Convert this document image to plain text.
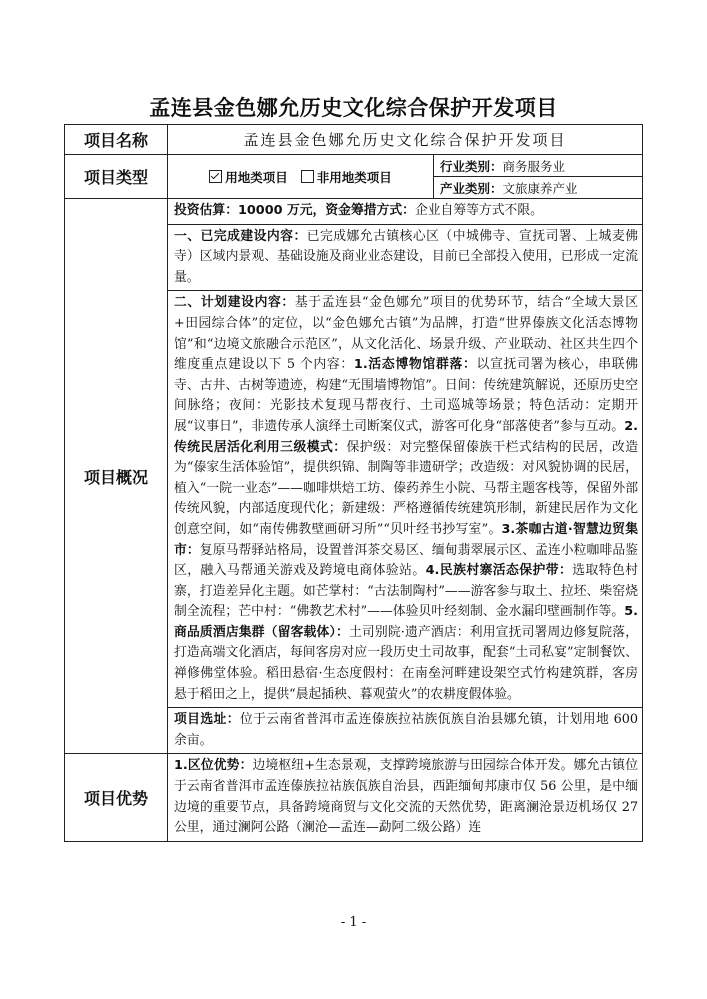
孟连县金色娜允历史文化综合保护开发项目
项目名称	孟连县金色娜允历史文化综合保护开发项目	
项目类型	用地类项目 非用地类项目	行业类别：商务服务业
		产业类别：文旅康养产业
项目概况	投资估算：10000 万元，资金筹措方式：企业自筹等方式不限。	
	一、已完成建设内容：已完成娜允古镇核心区（中城佛寺、宣抚司署、上城麦佛寺）区域内景观、基础设施及商业业态建设，目前已全部投入使用，已形成一定流量。	
	二、计划建设内容：基于孟连县“金色娜允”项目的优势环节，结合“全域大景区+田园综合体”的定位，以“金色娜允古镇”为品牌，打造“世界傣族文化活态博物馆”和“边境文旅融合示范区”，从文化活化、场景升级、产业联动、社区共生四个维度重点建设以下 5 个内容：1.活态博物馆群落：以宣抚司署为核心，串联佛寺、古井、古树等遗迹，构建“无围墙博物馆”。日间：传统建筑解说，还原历史空间脉络；夜间：光影技术复现马帮夜行、土司巡城等场景；特色活动：定期开展“议事日”，非遗传承人演绎土司断案仪式，游客可化身“部落使者”参与互动。2.传统民居活化利用三级模式：保护级：对完整保留傣族干栏式结构的民居，改造为“傣家生活体验馆”，提供织锦、制陶等非遗研学；改造级：对风貌协调的民居，植入“一院一业态”——咖啡烘焙工坊、傣药养生小院、马帮主题客栈等，保留外部传统风貌，内部适度现代化；新建级：严格遵循传统建筑形制，新建民居作为文化创意空间，如“南传佛教壁画研习所”“贝叶经书抄写室”。3.茶咖古道·智慧边贸集市：复原马帮驿站格局，设置普洱茶交易区、缅甸翡翠展示区、孟连小粒咖啡品鉴区，融入马帮通关游戏及跨境电商体验站。4.民族村寨活态保护带：选取特色村寨，打造差异化主题。如芒掌村：“古法制陶村”——游客参与取土、拉坯、柴窑烧制全流程；芒中村：“佛教艺术村”——体验贝叶经刻制、金水漏印壁画制作等。5.商品质酒店集群（留客载体）：土司别院·遗产酒店：利用宣抚司署周边修复院落，打造高端文化酒店，每间客房对应一段历史土司故事，配套“土司私宴”定制餐饮、禅修佛堂体验。稻田悬宿·生态度假村：在南垒河畔建设架空式竹构建筑群，客房悬于稻田之上，提供“晨起插秧、暮观萤火”的农耕度假体验。	
	项目选址：位于云南省普洱市孟连傣族拉祜族佤族自治县娜允镇，计划用地 600 余亩。	
项目优势	1.区位优势：边境枢纽+生态景观，支撑跨境旅游与田园综合体开发。娜允古镇位于云南省普洱市孟连傣族拉祜族佤族自治县，西距缅甸邦康市仅 56 公里，是中缅边境的重要节点，具备跨境商贸与文化交流的天然优势，距离澜沧景迈机场仅 27 公里，通过澜阿公路（澜沧—孟连—勐阿二级公路）连	
- 1 -
